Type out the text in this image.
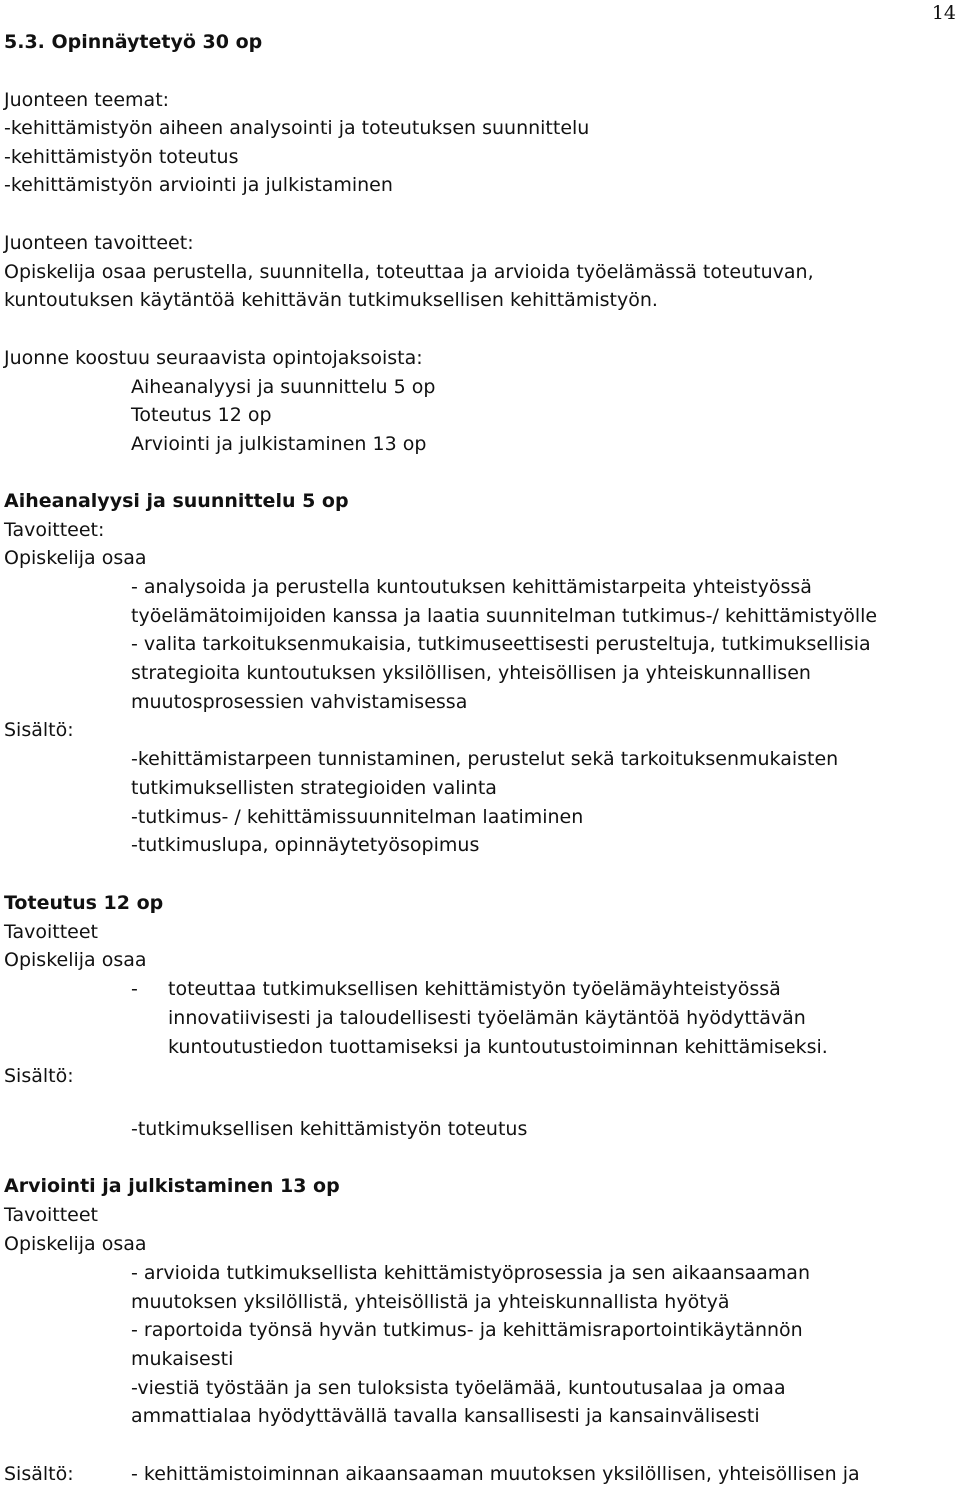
14
5.3. Opinnäytetyö 30 op
Juonteen teemat:
-kehittämistyön aiheen analysointi ja toteutuksen suunnittelu
-kehittämistyön toteutus
-kehittämistyön arviointi ja julkistaminen
Juonteen tavoitteet:
Opiskelija osaa perustella, suunnitella, toteuttaa ja arvioida työelämässä toteutuvan,
kuntoutuksen käytäntöä kehittävän tutkimuksellisen kehittämistyön.
Juonne koostuu seuraavista opintojaksoista:
Aiheanalyysi ja suunnittelu 5 op
Toteutus 12 op
Arviointi ja julkistaminen 13 op
Aiheanalyysi ja suunnittelu 5 op
Tavoitteet:
Opiskelija osaa
- analysoida ja perustella kuntoutuksen kehittämistarpeita yhteistyössä
työelämätoimijoiden kanssa ja laatia suunnitelman tutkimus-/ kehittämistyölle
- valita tarkoituksenmukaisia, tutkimuseettisesti perusteltuja, tutkimuksellisia
strategioita kuntoutuksen yksilöllisen, yhteisöllisen ja yhteiskunnallisen
muutosprosessien vahvistamisessa
Sisältö:
-kehittämistarpeen tunnistaminen, perustelut sekä tarkoituksenmukaisten
tutkimuksellisten strategioiden valinta
-tutkimus- / kehittämissuunnitelman laatiminen
-tutkimuslupa, opinnäytetyösopimus
Toteutus 12 op
Tavoitteet
Opiskelija osaa
- toteuttaa tutkimuksellisen kehittämistyön työelämäyhteistyössä
innovatiivisesti ja taloudellisesti työelämän käytäntöä hyödyttävän
kuntoutustiedon tuottamiseksi ja kuntoutustoiminnan kehittämiseksi.
Sisältö:
-tutkimuksellisen kehittämistyön toteutus
Arviointi ja julkistaminen 13 op
Tavoitteet
Opiskelija osaa
- arvioida tutkimuksellista kehittämistyöprosessia ja sen aikaansaaman
muutoksen yksilöllistä, yhteisöllistä ja yhteiskunnallista hyötyä
- raportoida työnsä hyvän tutkimus- ja kehittämisraportointikäytännön
mukaisesti
-viestiä työstään ja sen tuloksista työelämää, kuntoutusalaa ja omaa
ammattialaa hyödyttävällä tavalla kansallisesti ja kansainvälisesti
Sisältö:	- kehittämistoiminnan aikaansaaman muutoksen yksilöllisen, yhteisöllisen ja
